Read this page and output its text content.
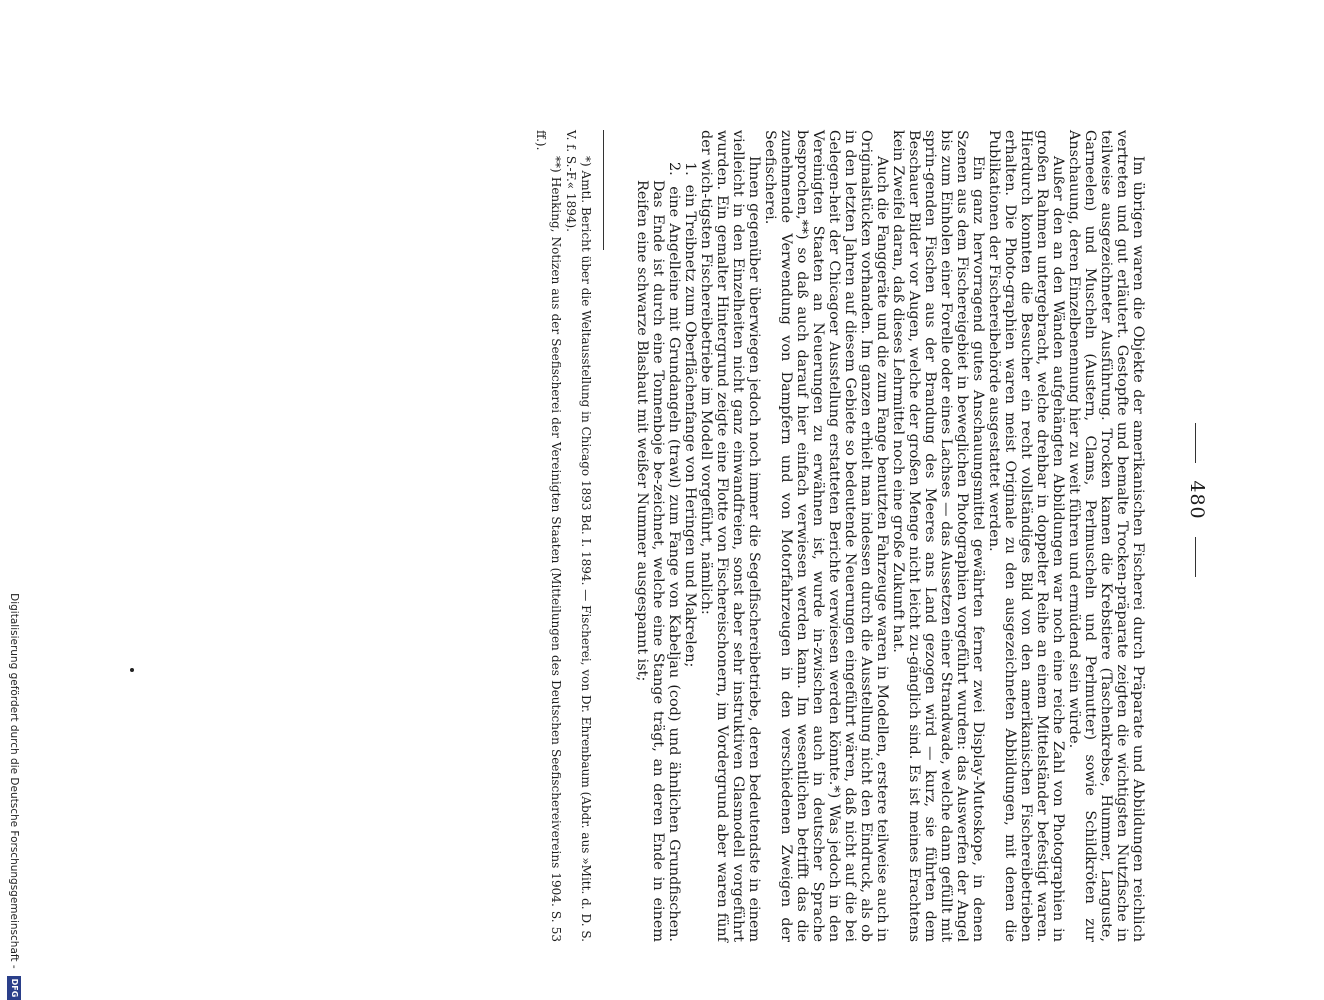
480

Im übrigen waren die Objekte der amerikanischen Fischerei durch Präparate und Abbildungen reichlich vertreten und gut erläutert. Gestopfte und bemalte Trocken-präparate zeigten die wichtigsten Nutzfische in teilweise ausgezeichneter Ausführung. Trocken kamen die Krebstiere (Taschenkrebse, Hummer, Languste, Garneelen) und Muscheln (Austern, Clams, Perlmuscheln und Perlmutter) sowie Schildkröten zur Anschauung, deren Einzelbenennung hier zu weit führen und ermüdend sein würde.

Außer den an den Wänden aufgehängten Abbildungen war noch eine reiche Zahl von Photographien in großen Rahmen untergebracht, welche drehbar in doppelter Reihe an einem Mittelständer befestigt waren. Hierdurch konnten die Besucher ein recht vollständiges Bild von den amerikanischen Fischereibetrieben erhalten. Die Photo-graphien waren meist Originale zu den ausgezeichneten Abbildungen, mit denen die Publikationen der Fischereibehörde ausgestattet werden.

Ein ganz hervorragend gutes Anschauungsmittel gewährten ferner zwei Display-Mutoskope, in denen Szenen aus dem Fischereigebiet in beweglichen Photographien vorgeführt wurden: das Auswerfen der Angel bis zum Einholen einer Forelle oder eines Lachses — das Aussetzen einer Strandwade, welche dann gefüllt mit sprin-genden Fischen aus der Brandung des Meeres ans Land gezogen wird — kurz, sie führten dem Beschauer Bilder vor Augen, welche der großen Menge nicht leicht zu-gänglich sind. Es ist meines Erachtens kein Zweifel daran, daß dieses Lehrmittel noch eine große Zukunft hat.

Auch die Fanggeräte und die zum Fange benutzten Fahrzeuge waren in Modellen, erstere teilweise auch in Originalstücken vorhanden. Im ganzen erhielt man indessen durch die Ausstellung nicht den Eindruck, als ob in den letzten Jahren auf diesem Gebiete so bedeutende Neuerungen eingeführt wären, daß nicht auf die bei Gelegen-heit der Chicagoer Ausstellung erstatteten Berichte verwiesen werden könnte.*) Was jedoch in den Vereinigten Staaten an Neuerungen zu erwähnen ist, wurde in-zwischen auch in deutscher Sprache besprochen,**) so daß auch darauf hier einfach verwiesen werden kann. Im wesentlichen betrifft das die zunehmende Verwendung von Dampfern und von Motorfahrzeugen in den verschiedenen Zweigen der Seefischerei.

Ihnen gegenüber überwiegen jedoch noch immer die Segelfischereibetriebe, deren bedeutendste in einem vielleicht in den Einzelheiten nicht ganz einwandfreien, sonst aber sehr instruktiven Glasmodell vorgeführt wurden. Ein gemalter Hintergrund zeigte eine Flotte von Fischereischonern, im Vordergrund aber waren fünf der wich-tigsten Fischereibetriebe im Modell vorgeführt, nämlich:

1. ein Treibnetz zum Oberflächenfange von Heringen und Makrelen;
2. eine Angelleine mit Grundangeln (trawl) zum Fange von Kabeljau (cod) und ähnlichen Grundfischen. Das Ende ist durch eine Tonnenboje be-zeichnet, welche eine Stange trägt, an deren Ende in einem Reifen eine schwarze Blashaut mit weißer Nummer ausgespannt ist;

*) Amtl. Bericht über die Weltausstellung in Chicago 1893 Bd. I. 1894. — Fischerei, von Dr. Ehrenbaum (Abdr. aus »Mitt. d. D. S. V. f. S.-F.« 1894).

**) Henking, Notizen aus der Seefischerei der Vereinigten Staaten (Mitteilungen des Deutschen Seefischereivereins 1904. S. 53 ff.).

Digitalisierung gefördert durch die Deutsche Forschungsgemeinschaft - DFG
